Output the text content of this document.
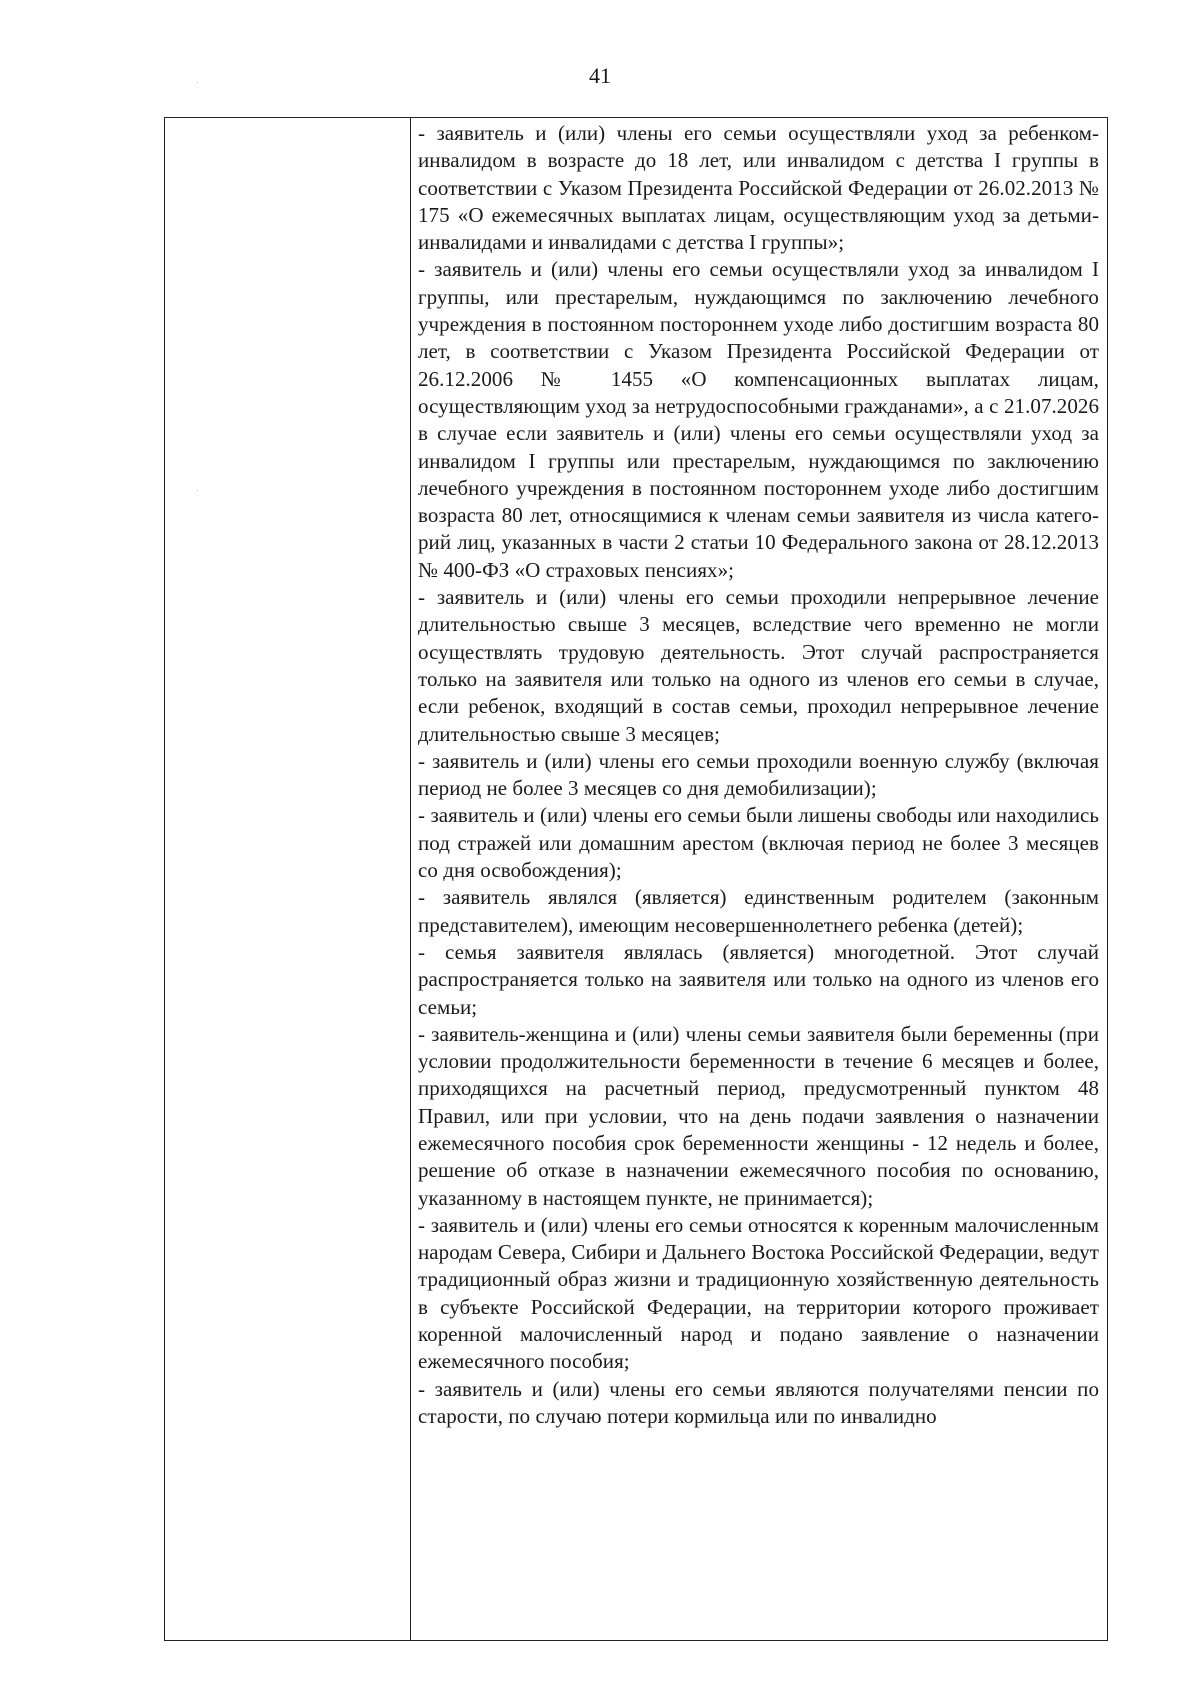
41

- заявитель и (или) члены его семьи осуществляли уход за ребенком-инвалидом в возрасте до 18 лет, или инвалидом с детства I группы в соответствии с Указом Президента Российской Федерации от 26.02.2013 № 175 «О ежемесячных выплатах лицам, осуществляющим уход за детьми-инвалидами и инвалидами с детства I группы»;

- заявитель и (или) члены его семьи осуществляли уход за инвалидом I группы, или престарелым, нуждающимся по заключению лечебного учреждения в постоянном постороннем уходе либо достигшим возраста 80 лет, в соответствии с Указом Президента Российской Федерации от 26.12.2006 № 1455 «О компенсационных выплатах лицам, осуществляющим уход за нетрудоспособными гражданами», а с 21.07.2026 в случае если заявитель и (или) члены его семьи осуществляли уход за инвалидом I группы или престарелым, нуждающимся по заключению лечебного учреждения в постоянном постороннем уходе либо достигшим возраста 80 лет, относящимися к членам семьи заявителя из числа категорий лиц, указанных в части 2 статьи 10 Федерального закона от 28.12.2013 № 400-ФЗ «О страховых пенсиях»;

- заявитель и (или) члены его семьи проходили непрерывное лечение длительностью свыше 3 месяцев, вследствие чего временно не могли осуществлять трудовую деятельность. Этот случай распространяется только на заявителя или только на одного из членов его семьи в случае, если ребенок, входящий в состав семьи, проходил непрерывное лечение длительностью свыше 3 месяцев;

- заявитель и (или) члены его семьи проходили военную службу (включая период не более 3 месяцев со дня демобилизации);

- заявитель и (или) члены его семьи были лишены свободы или находились под стражей или домашним арестом (включая период не более 3 месяцев со дня освобождения);

- заявитель являлся (является) единственным родителем (законным представителем), имеющим несовершеннолетнего ребенка (детей);

- семья заявителя являлась (является) многодетной. Этот случай распространяется только на заявителя или только на одного из членов его семьи;

- заявитель-женщина и (или) члены семьи заявителя были беременны (при условии продолжительности беременности в течение 6 месяцев и более, приходящихся на расчетный период, предусмотренный пунктом 48 Правил, или при условии, что на день подачи заявления о назначении ежемесячного пособия срок беременности женщины - 12 недель и более, решение об отказе в назначении ежемесячного пособия по основанию, указанному в настоящем пункте, не принимается);

- заявитель и (или) члены его семьи относятся к коренным малочисленным народам Севера, Сибири и Дальнего Востока Российской Федерации, ведут традиционный образ жизни и традиционную хозяйственную деятельность в субъекте Российской Федерации, на территории которого проживает коренной малочисленный народ и подано заявление о назначении ежемесячного пособия;

- заявитель и (или) члены его семьи являются получателями пенсии по старости, по случаю потери кормильца или по инвалидно
